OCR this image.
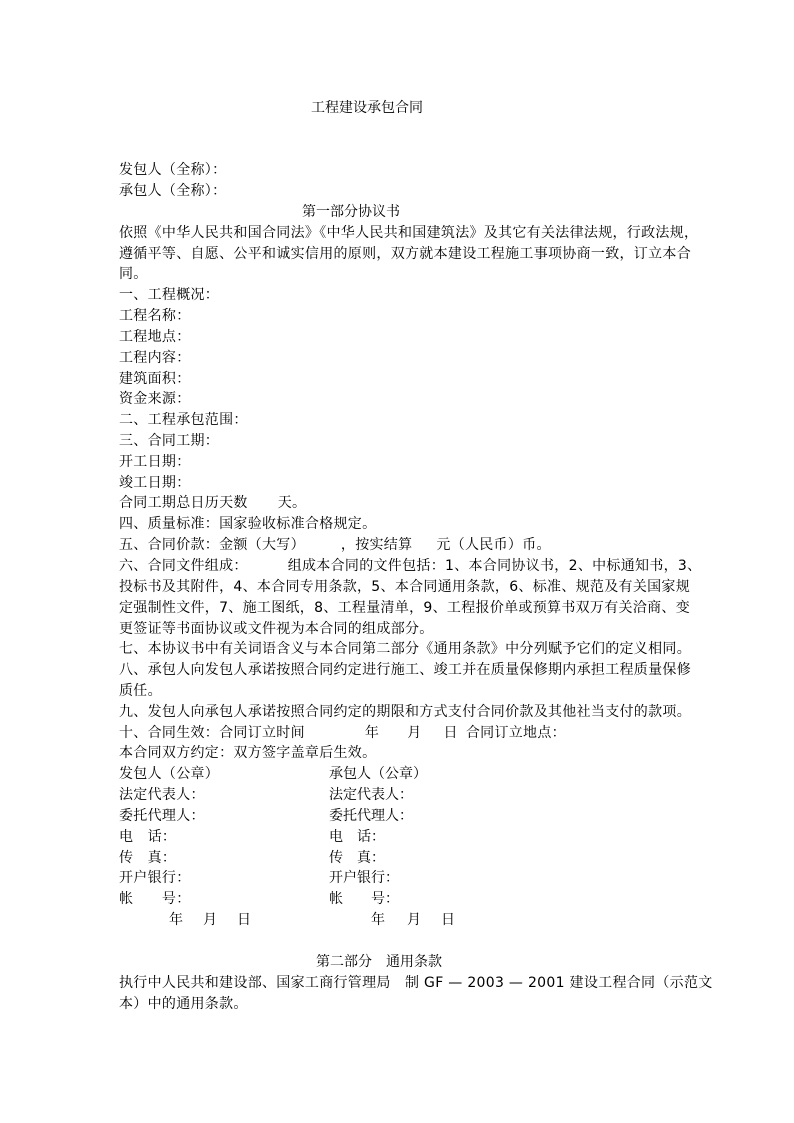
工程建设承包合同
发包人（全称）：
承包人（全称）：
第一部分协议书
依照《中华人民共和国合同法》《中华人民共和国建筑法》及其它有关法律法规，行政法规，
遵循平等、自愿、公平和诚实信用的原则，双方就本建设工程施工事项协商一致，订立本合
同。
一、工程概况：
工程名称：
工程地点：
工程内容：
建筑面积：
资金来源：
二、工程承包范围：
三、合同工期：
开工日期：
竣工日期：
合同工期总日历天数 天。
四、质量标准：国家验收标准合格规定。
五、合同价款：金额（大写）	，按实结算 元（人民币）币。
六、合同文件组成：	组成本合同的文件包括：1、本合同协议书，2、中标通知书，3、
投标书及其附件，4、本合同专用条款，5、本合同通用条款，6、标准、规范及有关国家规
定强制性文件，7、施工图纸，8、工程量清单，9、工程报价单或预算书双万有关洽商、变
更签证等书面协议或文件视为本合同的组成部分。
七、本协议书中有关词语含义与本合同第二部分《通用条款》中分列赋予它们的定义相同。
八、承包人向发包人承诺按照合同约定进行施工、竣工并在质量保修期内承担工程质量保修
质任。
九、发包人向承包人承诺按照合同约定的期限和方式支付合同价款及其他社当支付的款项。
十、合同生效：合同订立时间	年 月 日 合同订立地点：
本合同双方约定：双方签字盖章后生效。
发包人（公章）	承包人（公章）
法定代表人：	法定代表人：
委托代理人：	委托代理人：
电　话：	电　话：
传　真：	传　真：
开户银行：	开户银行：
帐　　号：	帐　　号：
年 月 日	年 月 日
第二部分　通用条款
执行中人民共和建设部、国家工商行管理局　制 GF — 2003 — 2001 建设工程合同（示范文
本）中的通用条款。
